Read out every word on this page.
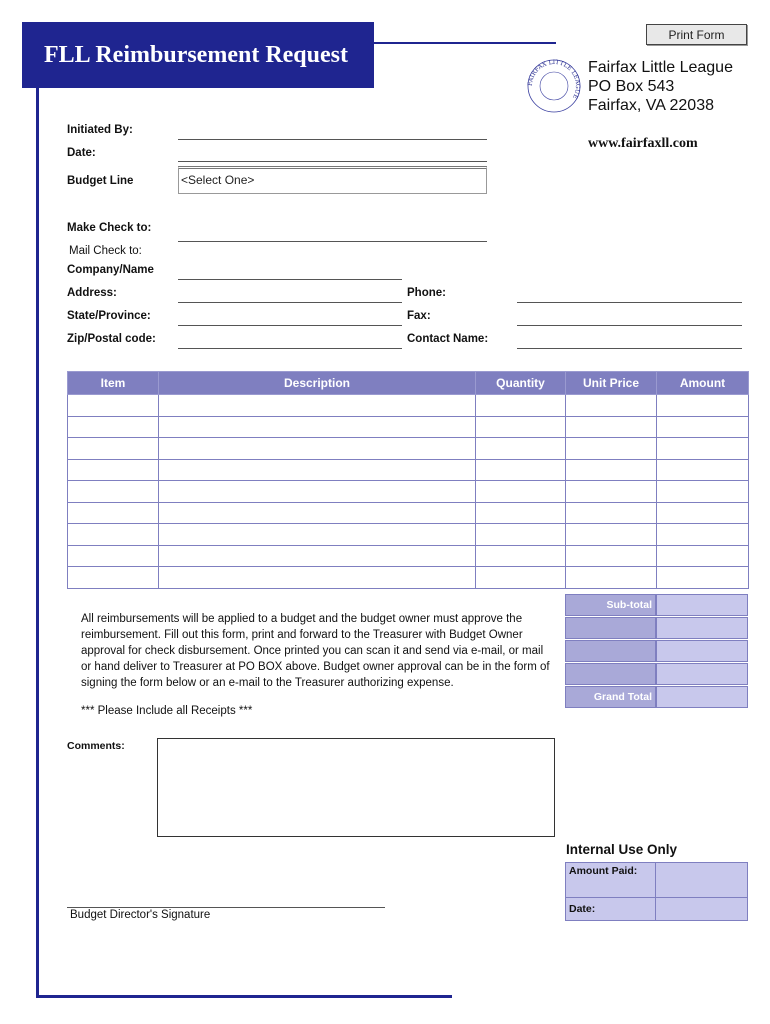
FLL Reimbursement Request
Print Form
FAIRFAX LITTLE LEAGUE
Fairfax Little League
PO Box 543
Fairfax, VA 22038
www.fairfaxll.com
Initiated By:
Date:
Budget Line	<Select One>
Make Check to:
Mail Check to:
Company/Name
Address:
State/Province:
Zip/Postal code:
Phone:
Fax:
Contact Name:
Item	Description	Quantity	Unit Price	Amount

Sub-total
Grand Total
All reimbursements will be applied to a budget and the budget owner must approve the reimbursement. Fill out this form, print and forward to the Treasurer with Budget Owner approval for check disbursement. Once printed you can scan it and send via e-mail, or mail or hand deliver to Treasurer at PO BOX above. Budget owner approval can be in the form of signing the form below or an e-mail to the Treasurer authorizing expense.
*** Please Include all Receipts ***
Comments:
Internal Use Only
Amount Paid:
Date:
Budget Director's Signature
